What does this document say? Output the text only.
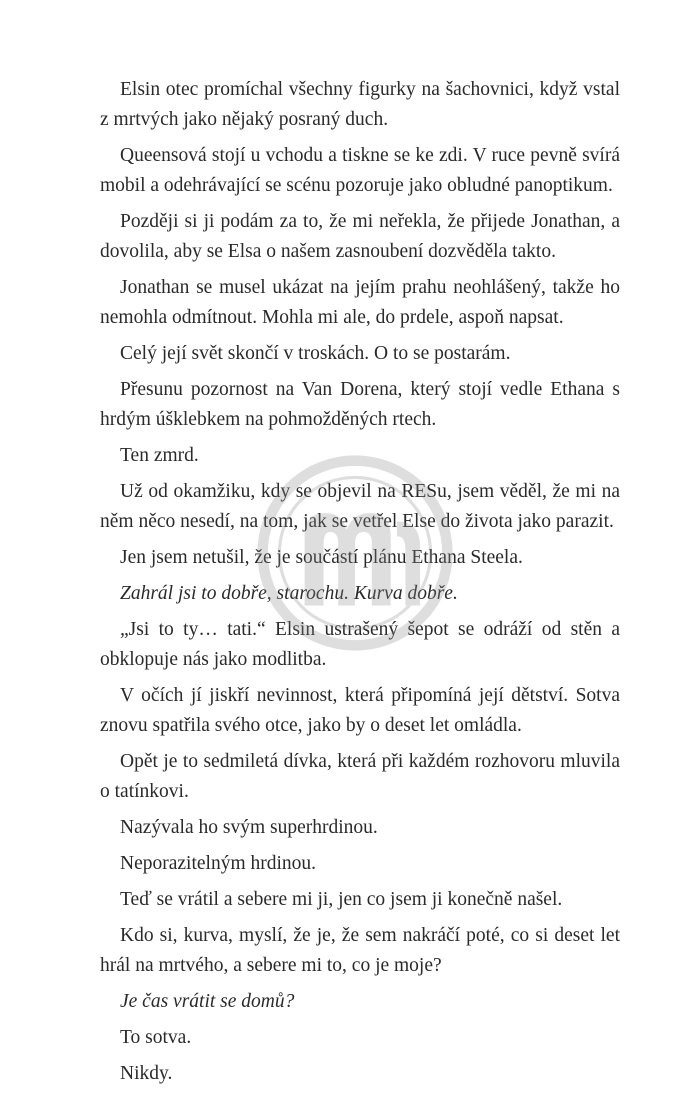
Elsin otec promíchal všechny figurky na šachovnici, když vstal z mrtvých jako nějaký posraný duch.

Queensová stojí u vchodu a tiskne se ke zdi. V ruce pevně svírá mobil a odehrávající se scénu pozoruje jako obludné panoptikum.

Později si ji podám za to, že mi neřekla, že přijede Jonathan, a dovolila, aby se Elsa o našem zasnoubení dozvěděla takto.

Jonathan se musel ukázat na jejím prahu neohlášený, takže ho nemohla odmítnout. Mohla mi ale, do prdele, aspoň napsat.

Celý její svět skončí v troskách. O to se postarám.

Přesunu pozornost na Van Dorena, který stojí vedle Ethana s hrdým úšklebkem na pohmožděných rtech.

Ten zmrd.

Už od okamžiku, kdy se objevil na RESu, jsem věděl, že mi na něm něco nesedí, na tom, jak se vetřel Else do života jako parazit.

Jen jsem netušil, že je součástí plánu Ethana Steela.

Zahrál jsi to dobře, starochu. Kurva dobře.

„Jsi to ty… tati.“ Elsin ustrašený šepot se odráží od stěn a obklopuje nás jako modlitba.

V očích jí jiskří nevinnost, která připomíná její dětství. Sotva znovu spatřila svého otce, jako by o deset let omládla.

Opět je to sedmiletá dívka, která při každém rozhovoru mluvila o tatínkovi.

Nazývala ho svým superhrdinou.

Neporazitelným hrdinou.

Teď se vrátil a sebere mi ji, jen co jsem ji konečně našel.

Kdo si, kurva, myslí, že je, že sem nakráčí poté, co si deset let hrál na mrtvého, a sebere mi to, co je moje?

Je čas vrátit se domů?

To sotva.

Nikdy.
